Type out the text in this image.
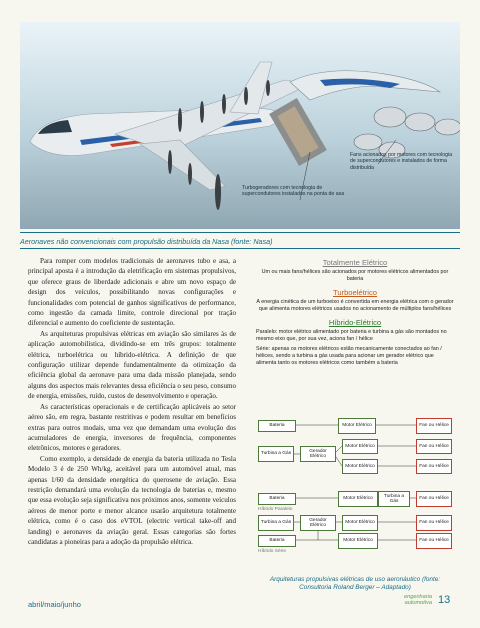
Fans acionados por motores com tecnologia de supercondutores e instalados de forma distribuída
Turbogeradores com tecnologia de supercondutores instalados na ponta de asa
Aeronaves não convencionais com propulsão distribuída da Nasa (fonte: Nasa)

Para romper com modelos tradicionais de aeronaves tubo e asa, a principal aposta é a introdução da eletrificação em sistemas propulsivos, que oferece graus de liberdade adicionais e abre um novo espaço de design dos veículos, possibilitando novas configurações e funcionalidades com potencial de ganhos significativos de performance, como ingestão da camada limite, controle direcional por tração diferencial e aumento do coeficiente de sustentação.

As arquiteturas propulsivas elétricas em aviação são similares às de aplicação automobilística, dividindo-se em três grupos: totalmente elétrica, turboelétrica ou híbrido-elétrica. A definição de que configuração utilizar depende fundamentalmente da otimização da eficiência global da aeronave para uma dada missão planejada, sendo alguns dos aspectos mais relevantes dessa eficiência o seu peso, consumo de energia, emissões, ruído, custos de desenvolvimento e operação.

As características operacionais e de certificação aplicáveis ao setor aéreo são, em regra, bastante restritivas e podem resultar em benefícios extras para outros modais, uma vez que demandam uma evolução dos acumuladores de energia, inversores de frequência, componentes eletrônicos, motores e geradores.

Como exemplo, a densidade de energia da bateria utilizada no Tesla Modelo 3 é de 250 Wh/kg, aceitável para um automóvel atual, mas apenas 1/60 da densidade energética do querosene de aviação. Essa restrição demandará uma evolução da tecnologia de baterias e, mesmo que essa evolução seja significativa nos próximos anos, somente veículos aéreos de menor porte e menor alcance usarão arquitetura totalmente elétrica, como é o caso dos eVTOL (electric vertical take-off and landing) e aeronaves da aviação geral. Essas categorias são fortes candidatas a pioneiras para a adoção da propulsão elétrica.

Totalmente Elétrico
Um ou mais fans/hélices são acionados por motores elétricos alimentados por bateria
Turboelétrico
A energia cinética de um turboeixo é convertida em energia elétrica com o gerador que alimenta motores elétricos usados no acionamento de múltiplos fans/hélices
Híbrido-Elétrico
Paralelo: motor elétrico alimentado por bateria e turbina a gás são montados no mesmo eixo que, por sua vez, aciona fan / hélice
Série: apenas os motores elétricos estão mecanicamente conectados ao fan / hélices, sendo a turbina a gás usada para acionar um gerador elétrico que alimenta tanto os motores elétricos como também a bateria
Bateria	Motor Elétrico	Fan ou Hélice
Turbina a Gás
Gerador Elétrico
Motor Elétrico	Fan ou Hélice
Motor Elétrico	Fan ou Hélice
Bateria	Motor Elétrico
Turbina a Gás
Fan ou Hélice
Híbrido Paralelo
Turbina a Gás
Gerador Elétrico
Motor Elétrico	Fan ou Hélice
Bateria	Motor Elétrico	Fan ou Hélice
Híbrido Série
Arquiteturas propulsivas elétricas de uso aeronáutico (fonte: Consultoria Roland Berger – Adaptado)
abril/maio/junho
engenharia
automotiva 13
